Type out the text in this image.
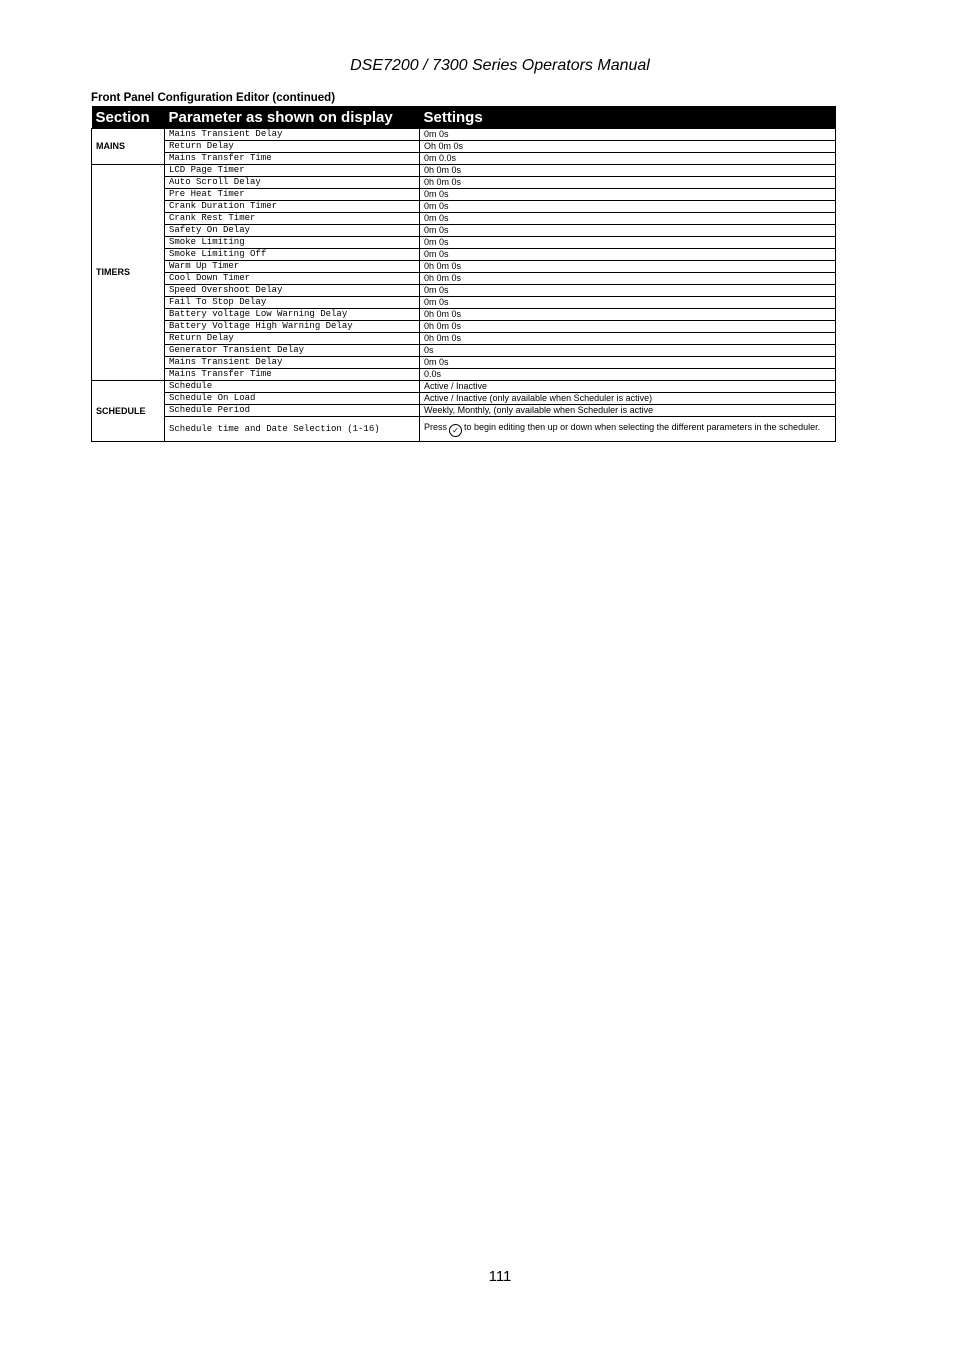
DSE7200 / 7300 Series Operators Manual
Front Panel Configuration Editor (continued)
Section	Parameter as shown on display	Settings
MAINS	Mains Transient Delay	0m 0s
	Return Delay	Oh 0m 0s
	Mains Transfer Time	0m 0.0s
TIMERS	LCD Page Timer	0h 0m 0s
	Auto Scroll Delay	0h 0m 0s
	Pre Heat Timer	0m 0s
	Crank Duration Timer	0m 0s
	Crank Rest Timer	0m 0s
	Safety On Delay	0m 0s
	Smoke Limiting	0m 0s
	Smoke Limiting Off	0m 0s
	Warm Up Timer	0h 0m 0s
	Cool Down Timer	0h 0m 0s
	Speed Overshoot Delay	0m 0s
	Fail To Stop Delay	0m 0s
	Battery voltage Low Warning Delay	0h 0m 0s
	Battery Voltage High Warning Delay	0h 0m 0s
	Return Delay	0h 0m 0s
	Generator Transient Delay	0s
	Mains Transient Delay	0m 0s
	Mains Transfer Time	0.0s
SCHEDULE	Schedule	Active / Inactive
	Schedule On Load	Active / Inactive (only available when Scheduler is active)
	Schedule Period	Weekly, Monthly, (only available when Scheduler is active
	Schedule time and Date Selection (1-16)	Press ✓ to begin editing then up or down when selecting the different parameters in the scheduler.
111
